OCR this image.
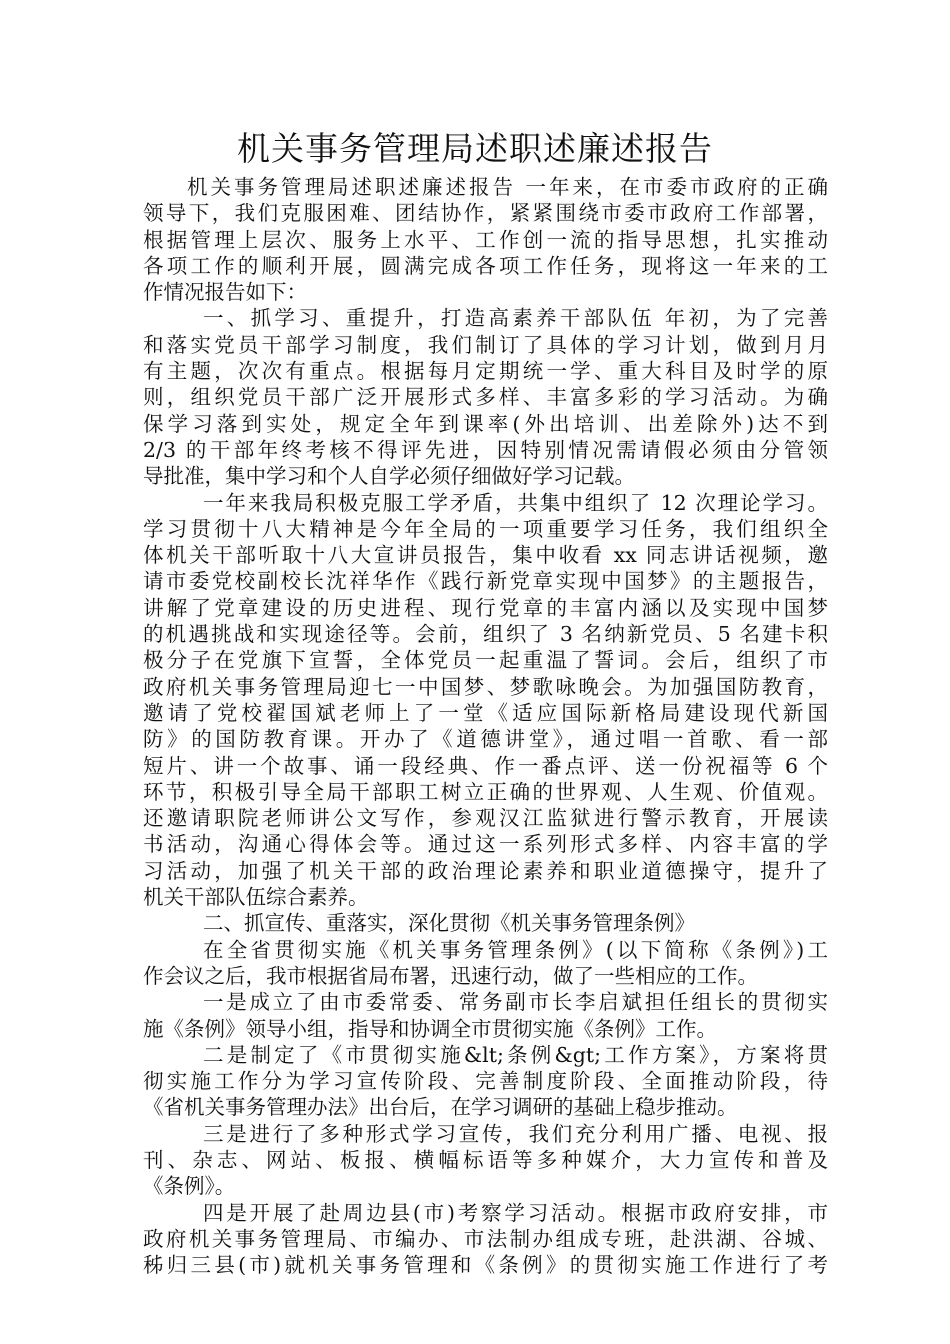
机关事务管理局述职述廉述报告
机关事务管理局述职述廉述报告 一年来，在市委市政府的正确
领导下，我们克服困难、团结协作，紧紧围绕市委市政府工作部署，
根据管理上层次、服务上水平、工作创一流的指导思想，扎实推动
各项工作的顺利开展，圆满完成各项工作任务，现将这一年来的工
作情况报告如下：
一、抓学习、重提升，打造高素养干部队伍 年初，为了完善
和落实党员干部学习制度，我们制订了具体的学习计划，做到月月
有主题，次次有重点。根据每月定期统一学、重大科目及时学的原
则，组织党员干部广泛开展形式多样、丰富多彩的学习活动。为确
保学习落到实处，规定全年到课率(外出培训、出差除外)达不到
2/3 的干部年终考核不得评先进，因特别情况需请假必须由分管领
导批准，集中学习和个人自学必须仔细做好学习记载。
一年来我局积极克服工学矛盾，共集中组织了 12 次理论学习。
学习贯彻十八大精神是今年全局的一项重要学习任务，我们组织全
体机关干部听取十八大宣讲员报告，集中收看 xx 同志讲话视频，邀
请市委党校副校长沈祥华作《践行新党章实现中国梦》的主题报告，
讲解了党章建设的历史进程、现行党章的丰富内涵以及实现中国梦
的机遇挑战和实现途径等。会前，组织了 3 名纳新党员、5 名建卡积
极分子在党旗下宣誓，全体党员一起重温了誓词。会后，组织了市
政府机关事务管理局迎七一中国梦、梦歌咏晚会。为加强国防教育，
邀请了党校翟国斌老师上了一堂《适应国际新格局建设现代新国
防》的国防教育课。开办了《道德讲堂》，通过唱一首歌、看一部
短片、讲一个故事、诵一段经典、作一番点评、送一份祝福等 6 个
环节，积极引导全局干部职工树立正确的世界观、人生观、价值观。
还邀请职院老师讲公文写作，参观汉江监狱进行警示教育，开展读
书活动，沟通心得体会等。通过这一系列形式多样、内容丰富的学
习活动，加强了机关干部的政治理论素养和职业道德操守，提升了
机关干部队伍综合素养。
二、抓宣传、重落实，深化贯彻《机关事务管理条例》
在全省贯彻实施《机关事务管理条例》(以下简称《条例》)工
作会议之后，我市根据省局布署，迅速行动，做了一些相应的工作。
一是成立了由市委常委、常务副市长李启斌担任组长的贯彻实
施《条例》领导小组，指导和协调全市贯彻实施《条例》工作。
二是制定了《市贯彻实施&lt;条例&gt;工作方案》，方案将贯
彻实施工作分为学习宣传阶段、完善制度阶段、全面推动阶段，待
《省机关事务管理办法》出台后，在学习调研的基础上稳步推动。
三是进行了多种形式学习宣传，我们充分利用广播、电视、报
刊、杂志、网站、板报、横幅标语等多种媒介，大力宣传和普及
《条例》。
四是开展了赴周边县(市)考察学习活动。根据市政府安排，市
政府机关事务管理局、市编办、市法制办组成专班，赴洪湖、谷城、
秭归三县(市)就机关事务管理和《条例》的贯彻实施工作进行了考
